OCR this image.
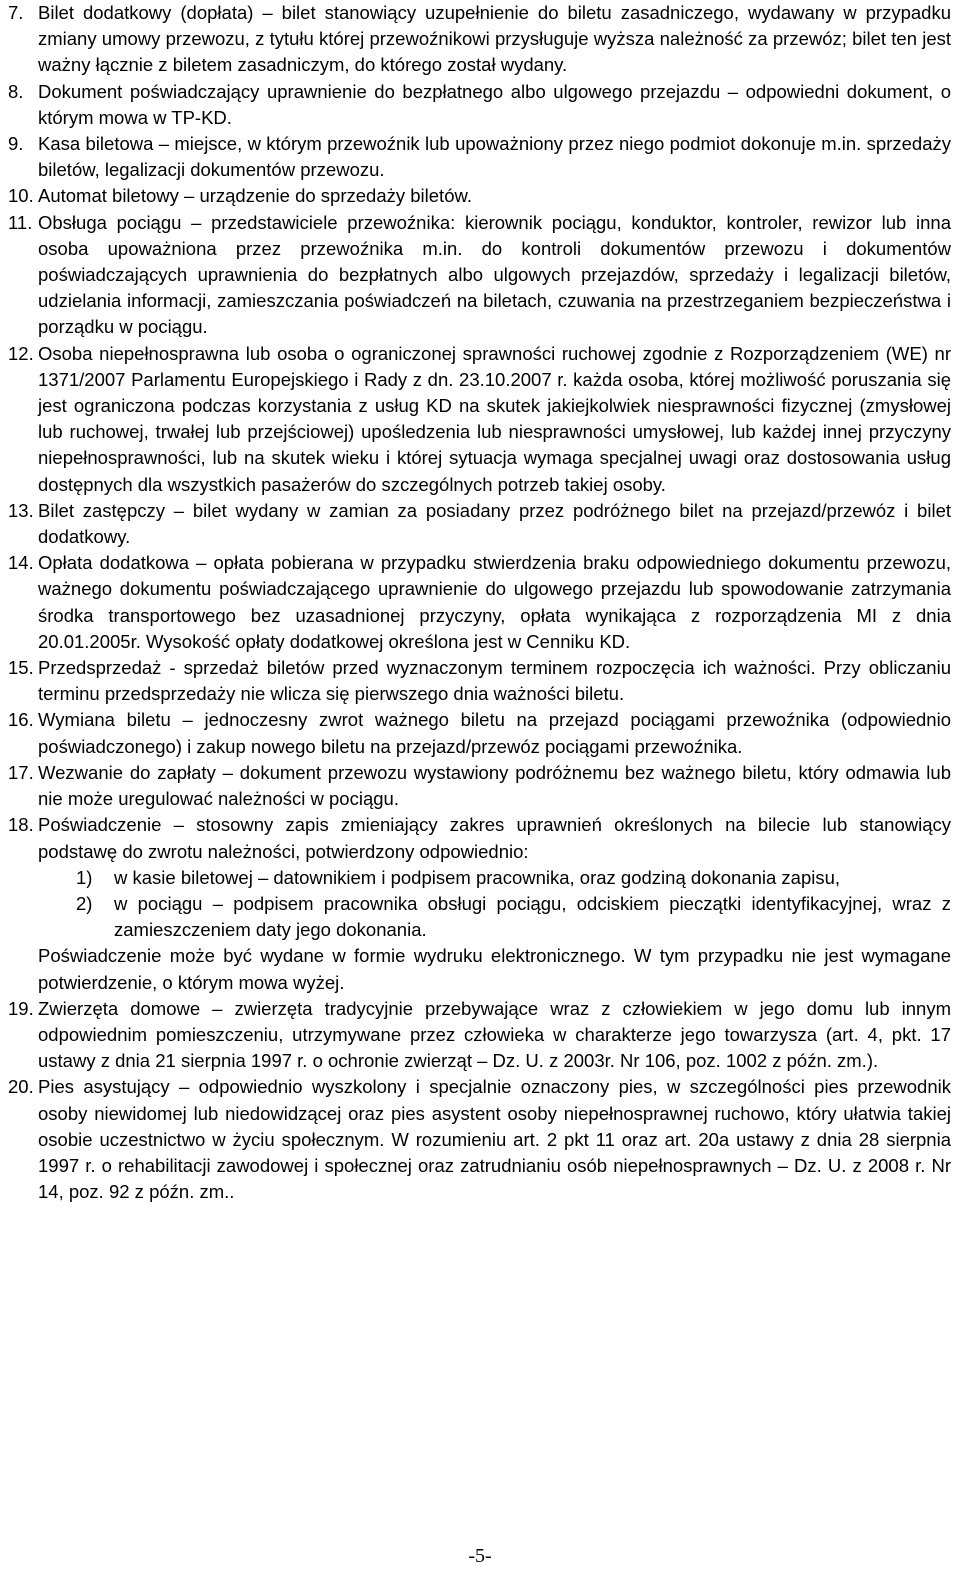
7. Bilet dodatkowy (dopłata) – bilet stanowiący uzupełnienie do biletu zasadniczego, wydawany w przypadku zmiany umowy przewozu, z tytułu której przewoźnikowi przysługuje wyższa należność za przewóz; bilet ten jest ważny łącznie z biletem zasadniczym, do którego został wydany.
8. Dokument poświadczający uprawnienie do bezpłatnego albo ulgowego przejazdu – odpowiedni dokument, o którym mowa w TP-KD.
9. Kasa biletowa – miejsce, w którym przewoźnik lub upoważniony przez niego podmiot dokonuje m.in. sprzedaży biletów, legalizacji dokumentów przewozu.
10. Automat biletowy – urządzenie do sprzedaży biletów.
11. Obsługa pociągu – przedstawiciele przewoźnika: kierownik pociągu, konduktor, kontroler, rewizor lub inna osoba upoważniona przez przewoźnika m.in. do kontroli dokumentów przewozu i dokumentów poświadczających uprawnienia do bezpłatnych albo ulgowych przejazdów, sprzedaży i legalizacji biletów, udzielania informacji, zamieszczania poświadczeń na biletach, czuwania na przestrzeganiem bezpieczeństwa i porządku w pociągu.
12. Osoba niepełnosprawna lub osoba o ograniczonej sprawności ruchowej zgodnie z Rozporządzeniem (WE) nr 1371/2007 Parlamentu Europejskiego i Rady z dn. 23.10.2007 r. każda osoba, której możliwość poruszania się jest ograniczona podczas korzystania z usług KD na skutek jakiejkolwiek niesprawności fizycznej (zmysłowej lub ruchowej, trwałej lub przejściowej) upośledzenia lub niesprawności umysłowej, lub każdej innej przyczyny niepełnosprawności, lub na skutek wieku i której sytuacja wymaga specjalnej uwagi oraz dostosowania usług dostępnych dla wszystkich pasażerów do szczególnych potrzeb takiej osoby.
13. Bilet zastępczy – bilet wydany w zamian za posiadany przez podróżnego bilet na przejazd/przewóz i bilet dodatkowy.
14. Opłata dodatkowa – opłata pobierana w przypadku stwierdzenia braku odpowiedniego dokumentu przewozu, ważnego dokumentu poświadczającego uprawnienie do ulgowego przejazdu lub spowodowanie zatrzymania środka transportowego bez uzasadnionej przyczyny, opłata wynikająca z rozporządzenia MI z dnia 20.01.2005r. Wysokość opłaty dodatkowej określona jest w Cenniku KD.
15. Przedsprzedaż - sprzedaż biletów przed wyznaczonym terminem rozpoczęcia ich ważności. Przy obliczaniu terminu przedsprzedaży nie wlicza się pierwszego dnia ważności biletu.
16. Wymiana biletu – jednoczesny zwrot ważnego biletu na przejazd pociągami przewoźnika (odpowiednio poświadczonego) i zakup nowego biletu na przejazd/przewóz pociągami przewoźnika.
17. Wezwanie do zapłaty – dokument przewozu wystawiony podróżnemu bez ważnego biletu, który odmawia lub nie może uregulować należności w pociągu.
18. Poświadczenie – stosowny zapis zmieniający zakres uprawnień określonych na bilecie lub stanowiący podstawę do zwrotu należności, potwierdzony odpowiednio:
1) w kasie biletowej – datownikiem i podpisem pracownika, oraz godziną dokonania zapisu,
2) w pociągu – podpisem pracownika obsługi pociągu, odciskiem pieczątki identyfikacyjnej, wraz z zamieszczeniem daty jego dokonania.
Poświadczenie może być wydane w formie wydruku elektronicznego. W tym przypadku nie jest wymagane potwierdzenie, o którym mowa wyżej.
19. Zwierzęta domowe – zwierzęta tradycyjnie przebywające wraz z człowiekiem w jego domu lub innym odpowiednim pomieszczeniu, utrzymywane przez człowieka w charakterze jego towarzysza (art. 4, pkt. 17 ustawy z dnia 21 sierpnia 1997 r. o ochronie zwierząt – Dz. U. z 2003r. Nr 106, poz. 1002 z późn. zm.).
20. Pies asystujący – odpowiednio wyszkolony i specjalnie oznaczony pies, w szczególności pies przewodnik osoby niewidomej lub niedowidzącej oraz pies asystent osoby niepełnosprawnej ruchowo, który ułatwia takiej osobie uczestnictwo w życiu społecznym. W rozumieniu art. 2 pkt 11 oraz art. 20a ustawy z dnia 28 sierpnia 1997 r. o rehabilitacji zawodowej i społecznej oraz zatrudnianiu osób niepełnosprawnych – Dz. U. z 2008 r. Nr 14, poz. 92 z późn. zm..
-5-
